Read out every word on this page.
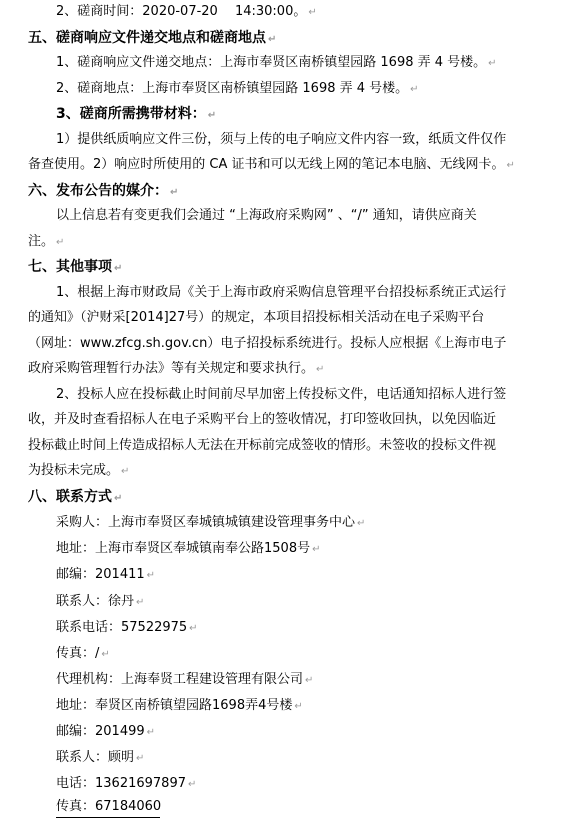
2、磋商时间：2020-07-20　 14:30:00。 ↵
五、磋商响应文件递交地点和磋商地点 ↵
1、磋商响应文件递交地点：上海市奉贤区南桥镇望园路 1698 弄 4 号楼。 ↵
2、磋商地点：上海市奉贤区南桥镇望园路 1698 弄 4 号楼。 ↵
3、磋商所需携带材料： ↵
1）提供纸质响应文件三份，须与上传的电子响应文件内容一致，纸质文件仅作
备查使用。2）响应时所使用的 CA 证书和可以无线上网的笔记本电脑、无线网卡。 ↵
六、发布公告的媒介： ↵
以上信息若有变更我们会通过 “上海政府采购网” 、“/” 通知，请供应商关
注。 ↵
七、其他事项 ↵
1、根据上海市财政局《关于上海市政府采购信息管理平台招投标系统正式运行
的通知》（沪财采[2014]27号）的规定，本项目招投标相关活动在电子采购平台
（网址：www.zfcg.sh.gov.cn）电子招投标系统进行。投标人应根据《上海市电子
政府采购管理暂行办法》等有关规定和要求执行。 ↵
2、投标人应在投标截止时间前尽早加密上传投标文件，电话通知招标人进行签
收，并及时查看招标人在电子采购平台上的签收情况，打印签收回执，以免因临近
投标截止时间上传造成招标人无法在开标前完成签收的情形。未签收的投标文件视
为投标未完成。 ↵
八、联系方式 ↵
采购人：上海市奉贤区奉城镇城镇建设管理事务中心 ↵
地址：上海市奉贤区奉城镇南奉公路1508号 ↵
邮编：201411 ↵
联系人：徐丹 ↵
联系电话：57522975 ↵
传真：/ ↵
代理机构：上海奉贤工程建设管理有限公司 ↵
地址：奉贤区南桥镇望园路1698弄4号楼 ↵
邮编：201499 ↵
联系人：顾明 ↵
电话：13621697897 ↵
传真：67184060
